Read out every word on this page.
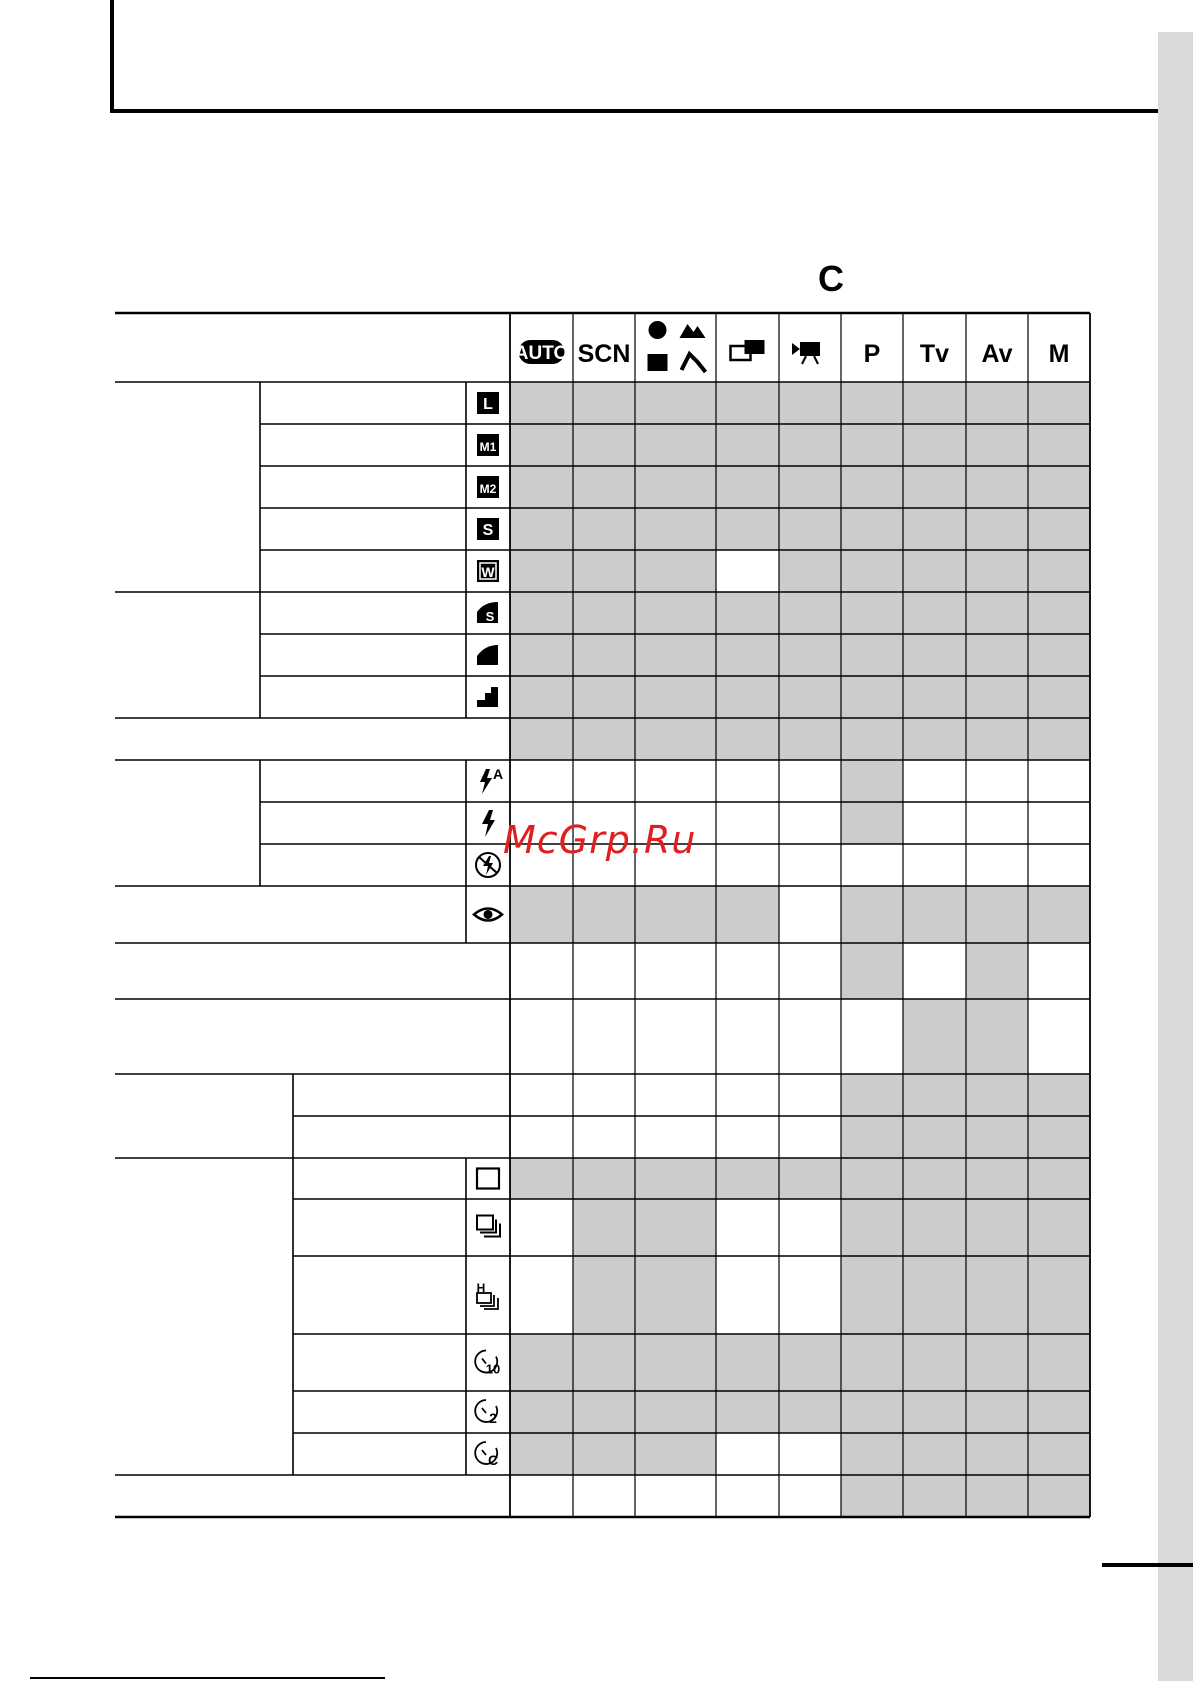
C
AUTO SCN	P Tv Av M
L
M1
M2
S
W
S
A
H
10
2
C
McGrp.Ru
